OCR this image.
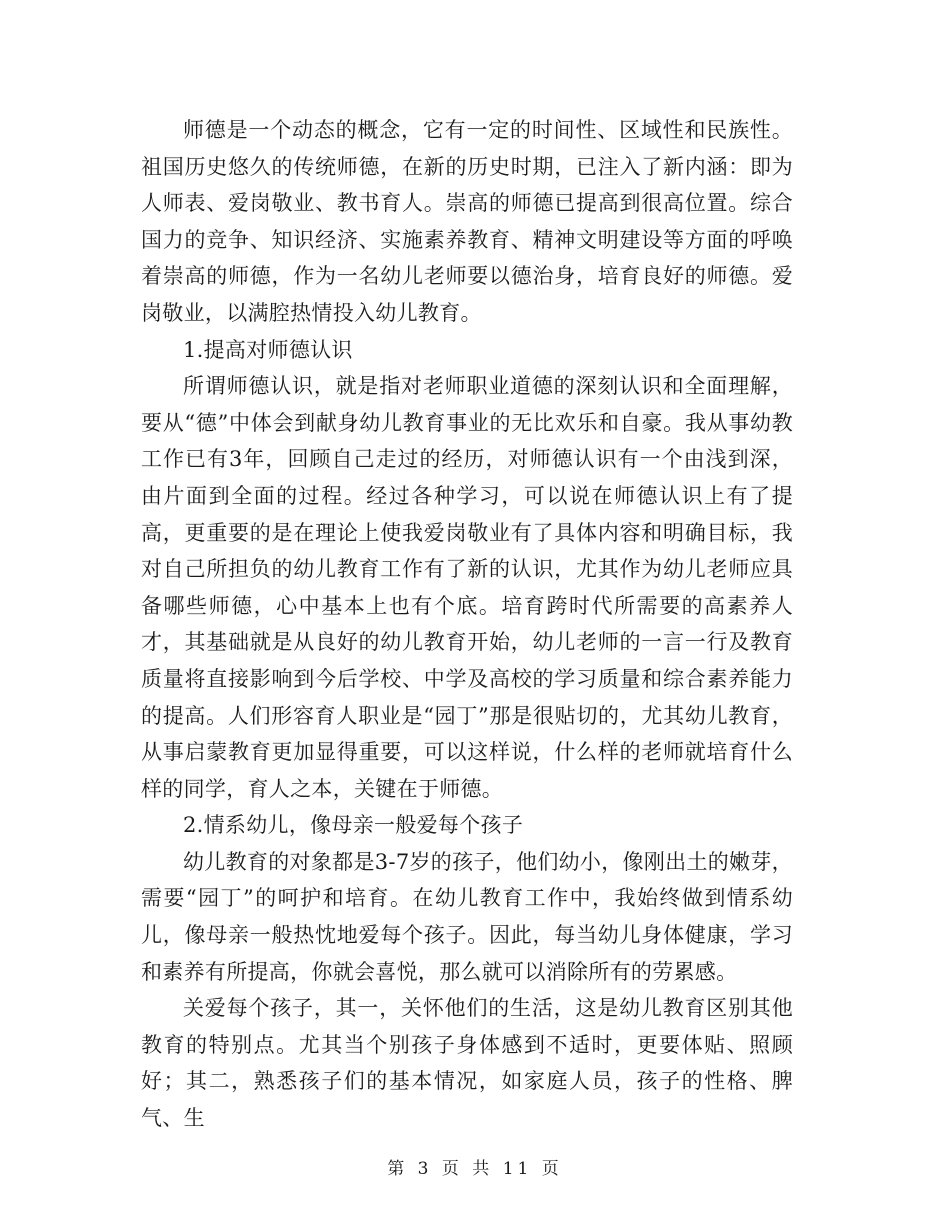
师德是一个动态的概念，它有一定的时间性、区域性和民族性。祖国历史悠久的传统师德，在新的历史时期，已注入了新内涵：即为人师表、爱岗敬业、教书育人。崇高的师德已提高到很高位置。综合国力的竞争、知识经济、实施素养教育、精神文明建设等方面的呼唤着崇高的师德，作为一名幼儿老师要以德治身，培育良好的师德。爱岗敬业，以满腔热情投入幼儿教育。

1.提高对师德认识

所谓师德认识，就是指对老师职业道德的深刻认识和全面理解，要从“德”中体会到献身幼儿教育事业的无比欢乐和自豪。我从事幼教工作已有3年，回顾自己走过的经历，对师德认识有一个由浅到深，由片面到全面的过程。经过各种学习，可以说在师德认识上有了提高，更重要的是在理论上使我爱岗敬业有了具体内容和明确目标，我对自己所担负的幼儿教育工作有了新的认识，尤其作为幼儿老师应具备哪些师德，心中基本上也有个底。培育跨时代所需要的高素养人才，其基础就是从良好的幼儿教育开始，幼儿老师的一言一行及教育质量将直接影响到今后学校、中学及高校的学习质量和综合素养能力的提高。人们形容育人职业是“园丁”那是很贴切的，尤其幼儿教育，从事启蒙教育更加显得重要，可以这样说，什么样的老师就培育什么样的同学，育人之本，关键在于师德。

2.情系幼儿，像母亲一般爱每个孩子

幼儿教育的对象都是3-7岁的孩子，他们幼小，像刚出土的嫩芽，需要“园丁”的呵护和培育。在幼儿教育工作中，我始终做到情系幼儿，像母亲一般热忱地爱每个孩子。因此，每当幼儿身体健康，学习和素养有所提高，你就会喜悦，那么就可以消除所有的劳累感。

关爱每个孩子，其一，关怀他们的生活，这是幼儿教育区别其他教育的特别点。尤其当个别孩子身体感到不适时，更要体贴、照顾好；其二，熟悉孩子们的基本情况，如家庭人员，孩子的性格、脾气、生

第 3 页 共 11 页
